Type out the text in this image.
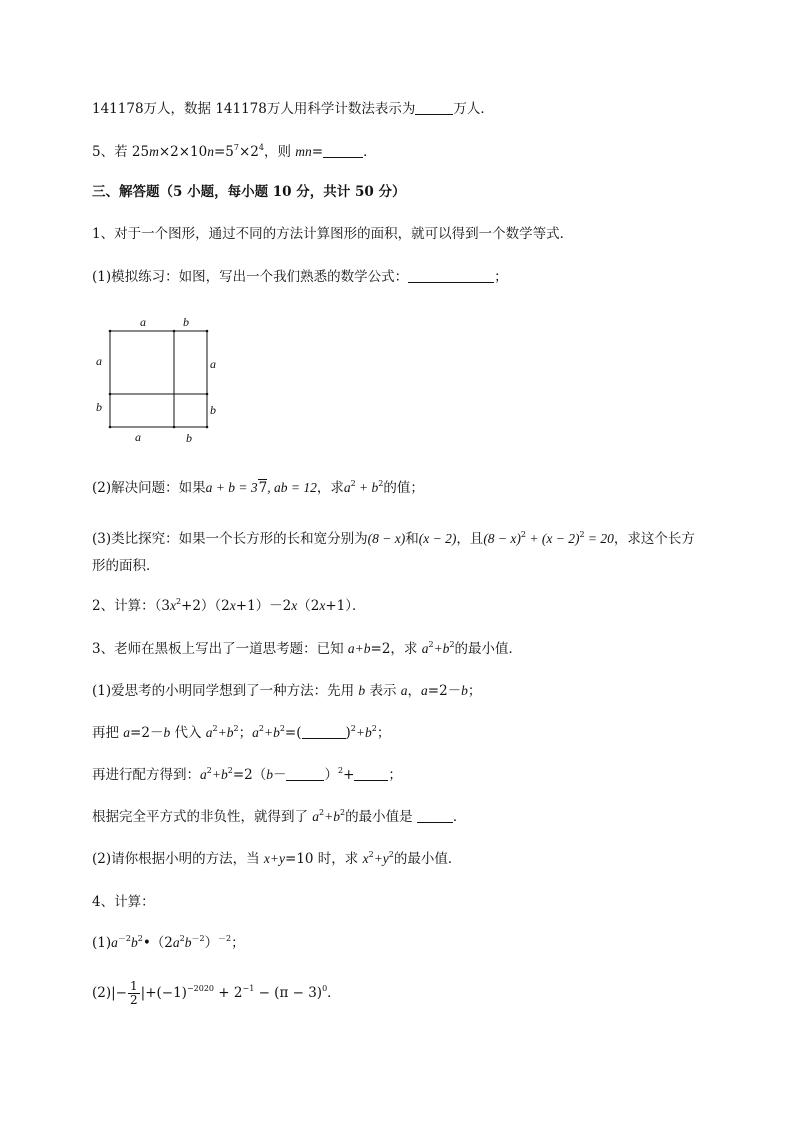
141178万人，数据 141178万人用科学计数法表示为	万人．
5、若 $25m\times 2\times 10n=5^7\times 2^4$，则 mn=	．
三、解答题（5 小题，每小题 10 分，共计 50 分）
1、对于一个图形，通过不同的方法计算图形的面积，就可以得到一个数学等式．
(1)模拟练习：如图，写出一个我们熟悉的数学公式：	；
a	b
a
b
a
b
a	b
(2)解决问题：如果a + b = 37, ab = 12，求$a^2 + b^2$的值；
(3)类比探究：如果一个长方形的长和宽分别为(8 − x)和(x − 2)，且$(8 - x)^2 + (x - 2)^2 = 20$，求这个长方
形的面积．
2、计算：$(3x^2+2)(2x+1)-2x(2x+1)$．
3、老师在黑板上写出了一道思考题：已知 a+b=2，求 $a^2+b^2$的最小值．
(1)爱思考的小明同学想到了一种方法：先用 b 表示 a，a=2－b；
再把 a=2－b 代入 $a^2+b^2$；$a^2+b^2=$(	)$^2+b^2$；
再进行配方得到：$a^2+b^2=2(b-$	）$^2$+	；
根据完全平方式的非负性，就得到了 $a^2+b^2$的最小值是	．
(2)请你根据小明的方法，当 x+y=10 时，求 $x^2+y^2$的最小值．
4、计算：
$(1)a^{-2}b^2•(2a^2b^{-2})^{-2}$；
$(2)|- \frac{1}{2} |+(-1)^{-2020} + 2^{-1} - (\pi - 3)^0$．
